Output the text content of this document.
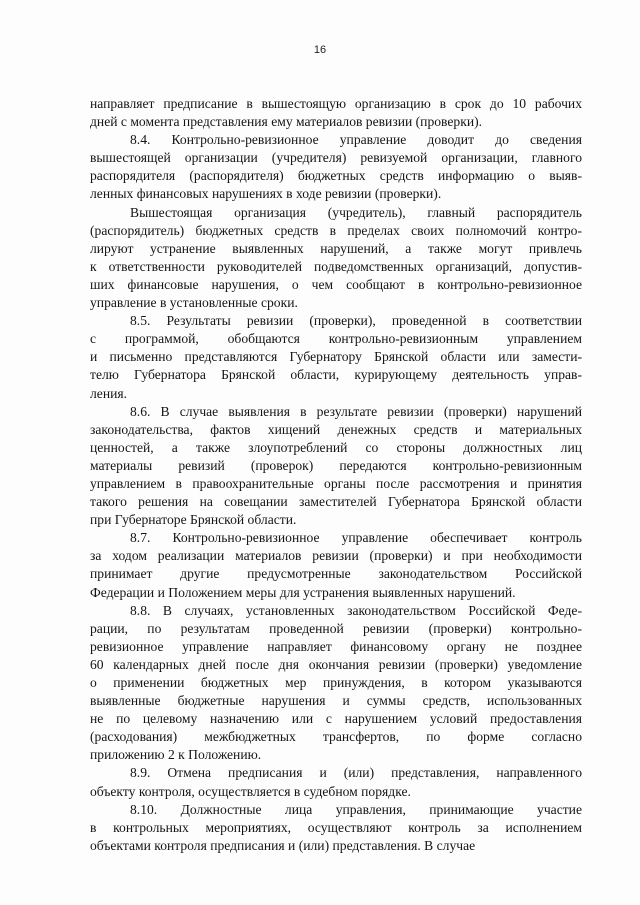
16
направляет предписание в вышестоящую организацию в срок до 10 рабочих
дней с момента представления ему материалов ревизии (проверки).
8.4. Контрольно-ревизионное управление доводит до сведения
вышестоящей организации (учредителя) ревизуемой организации, главного
распорядителя (распорядителя) бюджетных средств информацию о выяв-
ленных финансовых нарушениях в ходе ревизии (проверки).
Вышестоящая организация (учредитель), главный распорядитель
(распорядитель) бюджетных средств в пределах своих полномочий контро-
лируют устранение выявленных нарушений, а также могут привлечь
к ответственности руководителей подведомственных организаций, допустив-
ших финансовые нарушения, о чем сообщают в контрольно-ревизионное
управление в установленные сроки.
8.5. Результаты ревизии (проверки), проведенной в соответствии
с программой, обобщаются контрольно-ревизионным управлением
и письменно представляются Губернатору Брянской области или замести-
телю Губернатора Брянской области, курирующему деятельность управ-
ления.
8.6. В случае выявления в результате ревизии (проверки) нарушений
законодательства, фактов хищений денежных средств и материальных
ценностей, а также злоупотреблений со стороны должностных лиц
материалы ревизий (проверок) передаются контрольно-ревизионным
управлением в правоохранительные органы после рассмотрения и принятия
такого решения на совещании заместителей Губернатора Брянской области
при Губернаторе Брянской области.
8.7. Контрольно-ревизионное управление обеспечивает контроль
за ходом реализации материалов ревизии (проверки) и при необходимости
принимает другие предусмотренные законодательством Российской
Федерации и Положением меры для устранения выявленных нарушений.
8.8. В случаях, установленных законодательством Российской Феде-
рации, по результатам проведенной ревизии (проверки) контрольно-
ревизионное управление направляет финансовому органу не позднее
60 календарных дней после дня окончания ревизии (проверки) уведомление
о применении бюджетных мер принуждения, в котором указываются
выявленные бюджетные нарушения и суммы средств, использованных
не по целевому назначению или с нарушением условий предоставления
(расходования) межбюджетных трансфертов, по форме согласно
приложению 2 к Положению.
8.9. Отмена предписания и (или) представления, направленного
объекту контроля, осуществляется в судебном порядке.
8.10. Должностные лица управления, принимающие участие
в контрольных мероприятиях, осуществляют контроль за исполнением
объектами контроля предписания и (или) представления. В случае
